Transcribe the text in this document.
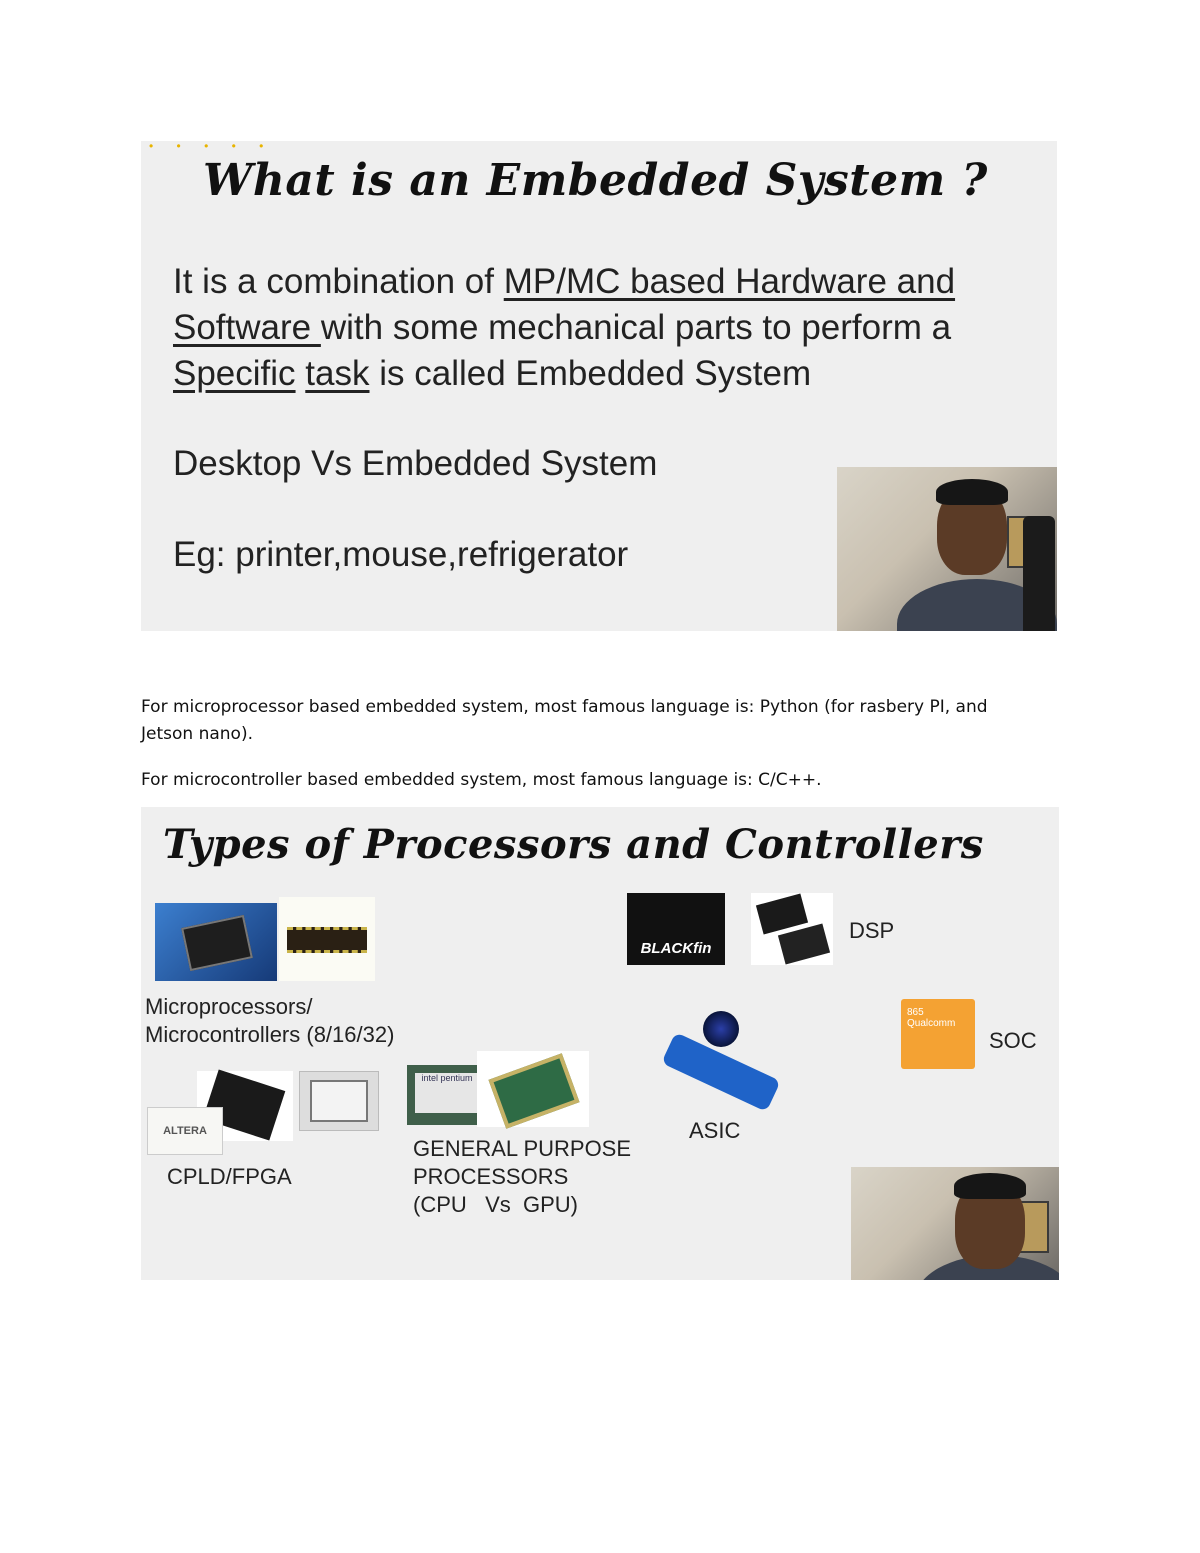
• • • • •
What is an Embedded System ?
It is a combination of MP/MC based Hardware and Software with some mechanical parts to perform a Specific task is called Embedded System
Desktop Vs Embedded System
Eg: printer,mouse,refrigerator
For microprocessor based embedded system, most famous language is: Python (for rasbery PI, and Jetson nano).
For microcontroller based embedded system, most famous language is: C/C++.
Types of Processors and Controllers
Microprocessors/
Microcontrollers (8/16/32)
BLACKfin
DSP
865 Qualcomm
SOC
ASIC
ALTERA
CPLD/FPGA
intel pentium
GENERAL PURPOSE
PROCESSORS
(CPU   Vs  GPU)
